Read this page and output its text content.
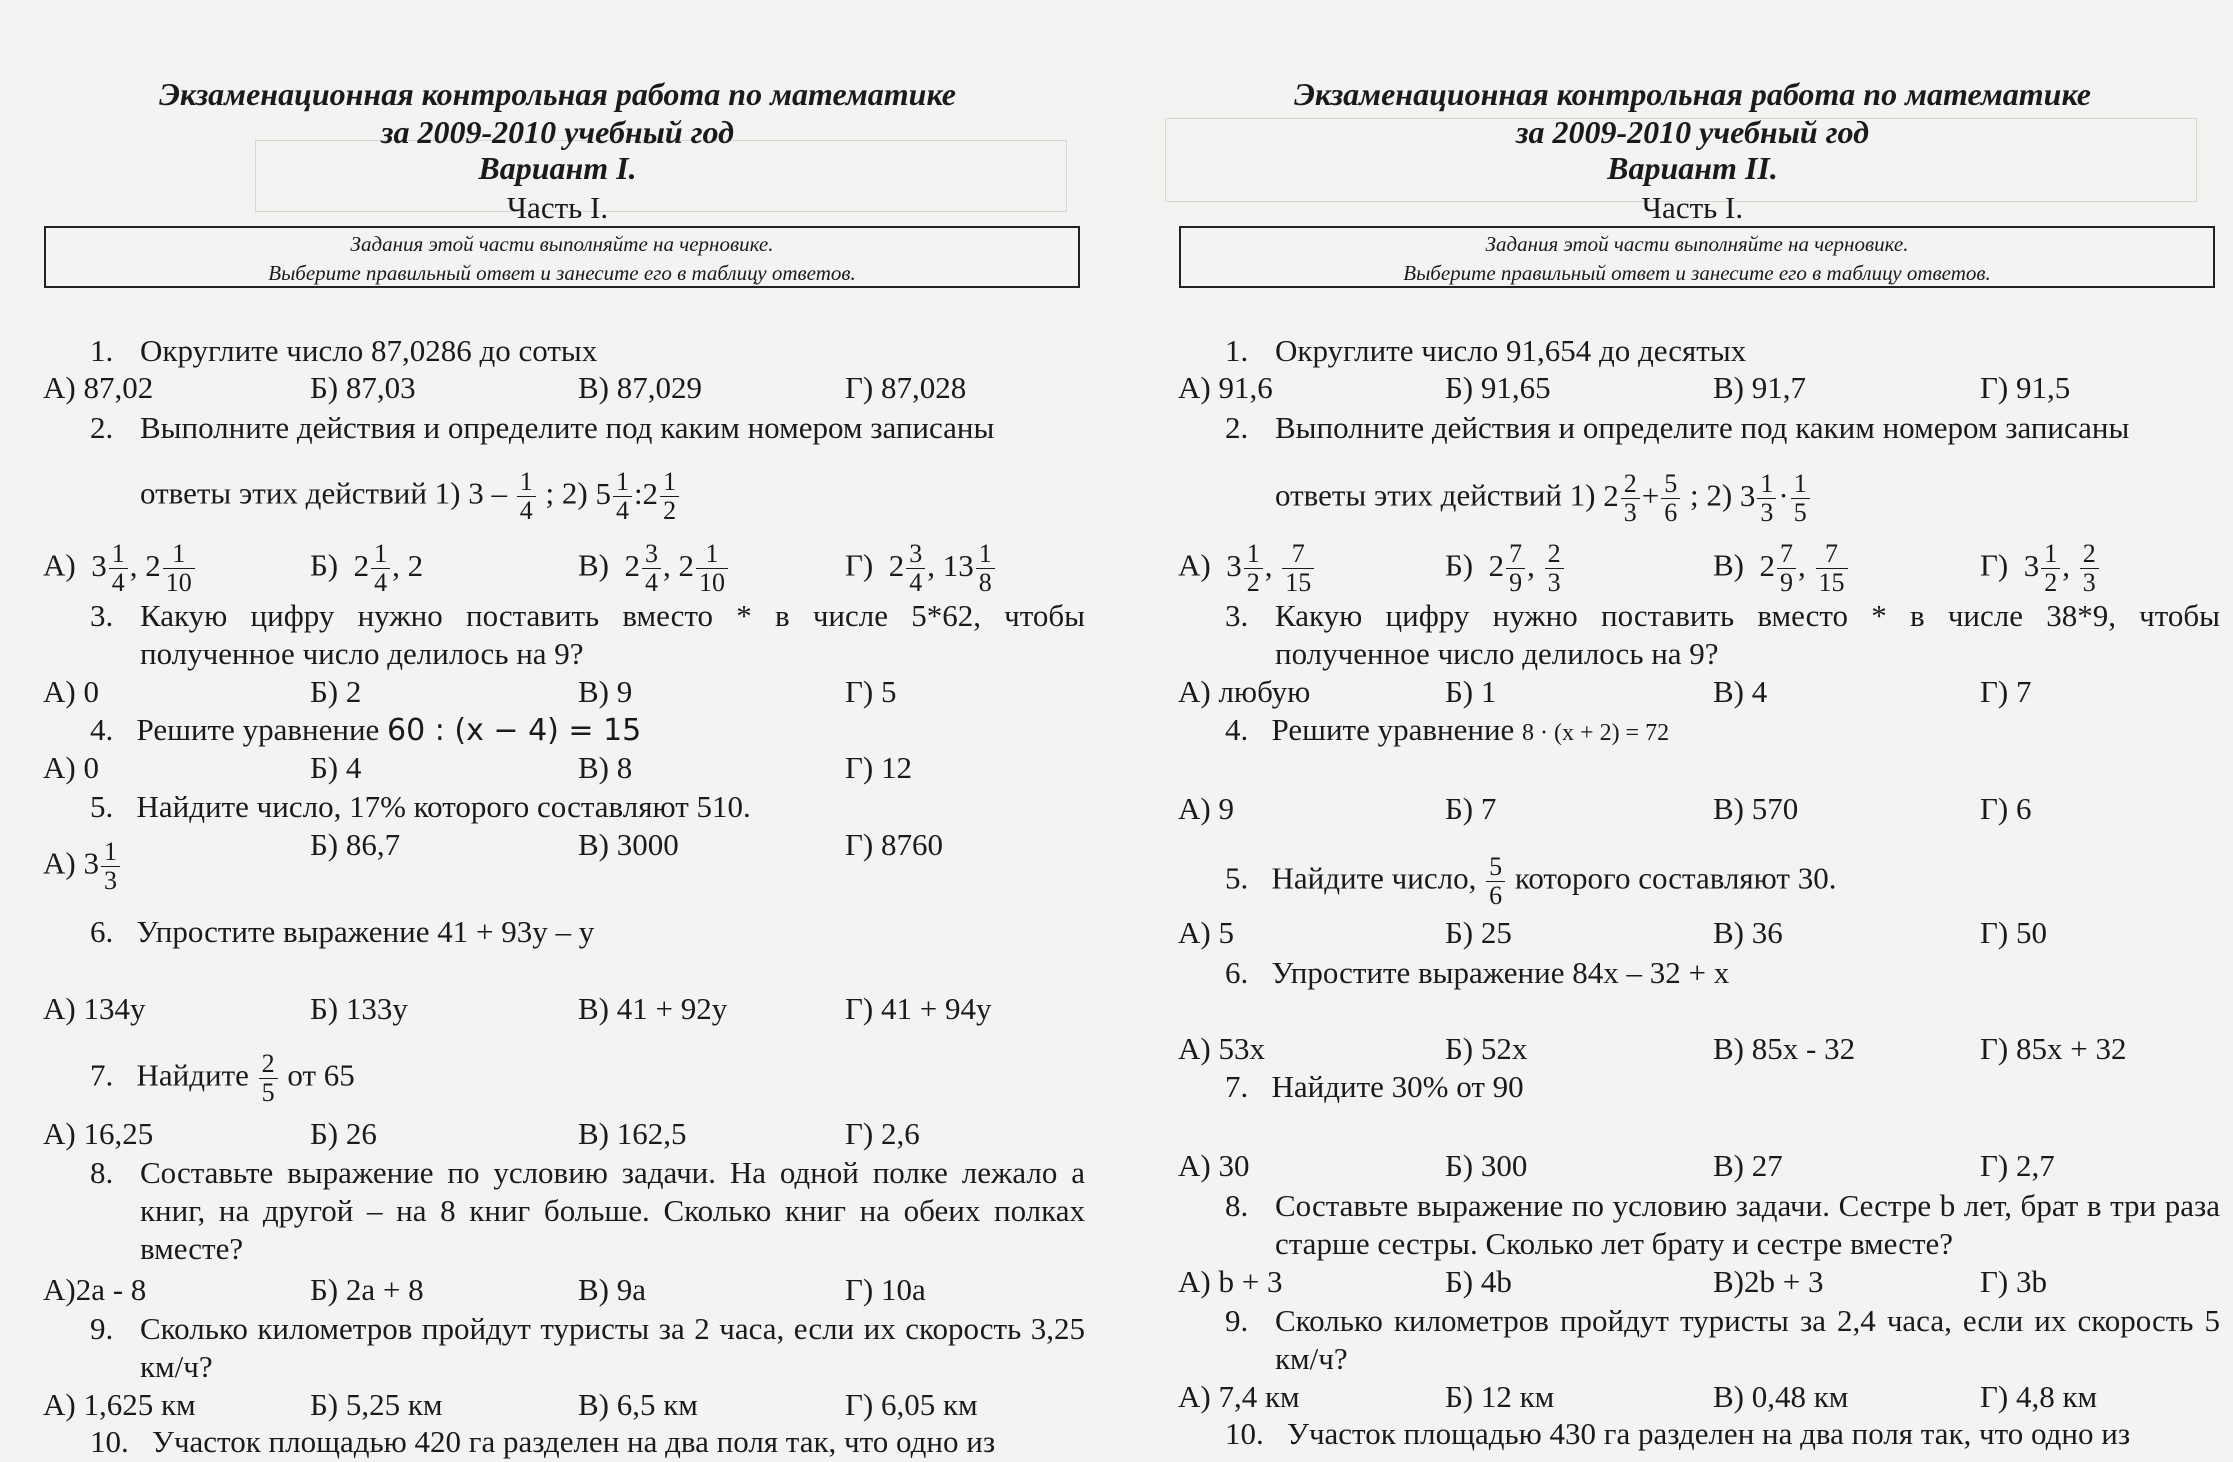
Экзаменационная контрольная работа по математике
за 2009-2010 учебный год
Вариант I.
Часть I.
Задания этой части выполняйте на черновике.
Выберите правильный ответ и занесите его в таблицу ответов.
1. Округлите число 87,0286 до сотых
А) 87,02	Б) 87,03	В) 87,029	Г) 87,028
2. Выполните действия и определите под каким номером записаны
ответы этих действий 1) $3 - \frac{1}{4}$ ; 2) $5 \frac{1}{4}$ :2 $\frac{1}{2}$
А) $3 \frac{1}{4}$ , $2 \frac{1}{10}$	Б) $2 \frac{1}{4}$ , 2	В) $2 \frac{3}{4}$ , $2 \frac{1}{10}$	Г) $2 \frac{3}{4}$ , $13 \frac{1}{8}$
3. Какую цифру нужно поставить вместо * в числе 5*62, чтобы полученное число делилось на 9?
А) 0	Б) 2	В) 9	Г) 5
4. Решите уравнение 60 : (x − 4) = 15
А) 0	Б) 4	В) 8	Г) 12
5. Найдите число, 17% которого составляют 510.
А) $3 \frac{1}{3}$	Б) 86,7	В) 3000	Г) 8760
6. Упростите выражение 41 + 93y – y
А) 134y	Б) 133y	В) 41 + 92y	Г) 41 + 94y
7. Найдите $\frac{2}{5}$ от 65
А) 16,25	Б) 26	В) 162,5	Г) 2,6
8. Составьте выражение по условию задачи. На одной полке лежало a книг, на другой – на 8 книг больше. Сколько книг на обеих полках вместе?
А)2a - 8	Б) 2a + 8	В) 9a	Г) 10a
9. Сколько километров пройдут туристы за 2 часа, если их скорость 3,25 км/ч?
А) 1,625 км	Б) 5,25 км	В) 6,5 км	Г) 6,05 км
10. Участок площадью 420 га разделен на два поля так, что одно из
Экзаменационная контрольная работа по математике
за 2009-2010 учебный год
Вариант II.
Часть I.
Задания этой части выполняйте на черновике.
Выберите правильный ответ и занесите его в таблицу ответов.
1. Округлите число 91,654 до десятых
А) 91,6	Б) 91,65	В) 91,7	Г) 91,5
2. Выполните действия и определите под каким номером записаны
ответы этих действий 1) $2 \frac{2}{3} + \frac{5}{6}$ ; 2) $3 \frac{1}{3} \cdot \frac{1}{5}$
А) $3 \frac{1}{2}$ , $\frac{7}{15}$	Б) $2 \frac{7}{9}$ , $\frac{2}{3}$	В) $2 \frac{7}{9}$ , $\frac{7}{15}$	Г) $3 \frac{1}{2}$ , $\frac{2}{3}$
3. Какую цифру нужно поставить вместо * в числе 38*9, чтобы полученное число делилось на 9?
А) любую	Б) 1	В) 4	Г) 7
4. Решите уравнение 8 · (x + 2) = 72
А) 9	Б) 7	В) 570	Г) 6
5. Найдите число, $\frac{5}{6}$ которого составляют 30.
А) 5	Б) 25	В) 36	Г) 50
6. Упростите выражение 84x – 32 + x
А) 53x	Б) 52x	В) 85x - 32	Г) 85x + 32
7. Найдите 30% от 90
А) 30	Б) 300	В) 27	Г) 2,7
8. Составьте выражение по условию задачи. Сестре b лет, брат в три раза старше сестры. Сколько лет брату и сестре вместе?
А) b + 3	Б) 4b	В)2b + 3	Г) 3b
9. Сколько километров пройдут туристы за 2,4 часа, если их скорость 5 км/ч?
А) 7,4 км	Б) 12 км	В) 0,48 км	Г) 4,8 км
10. Участок площадью 430 га разделен на два поля так, что одно из
